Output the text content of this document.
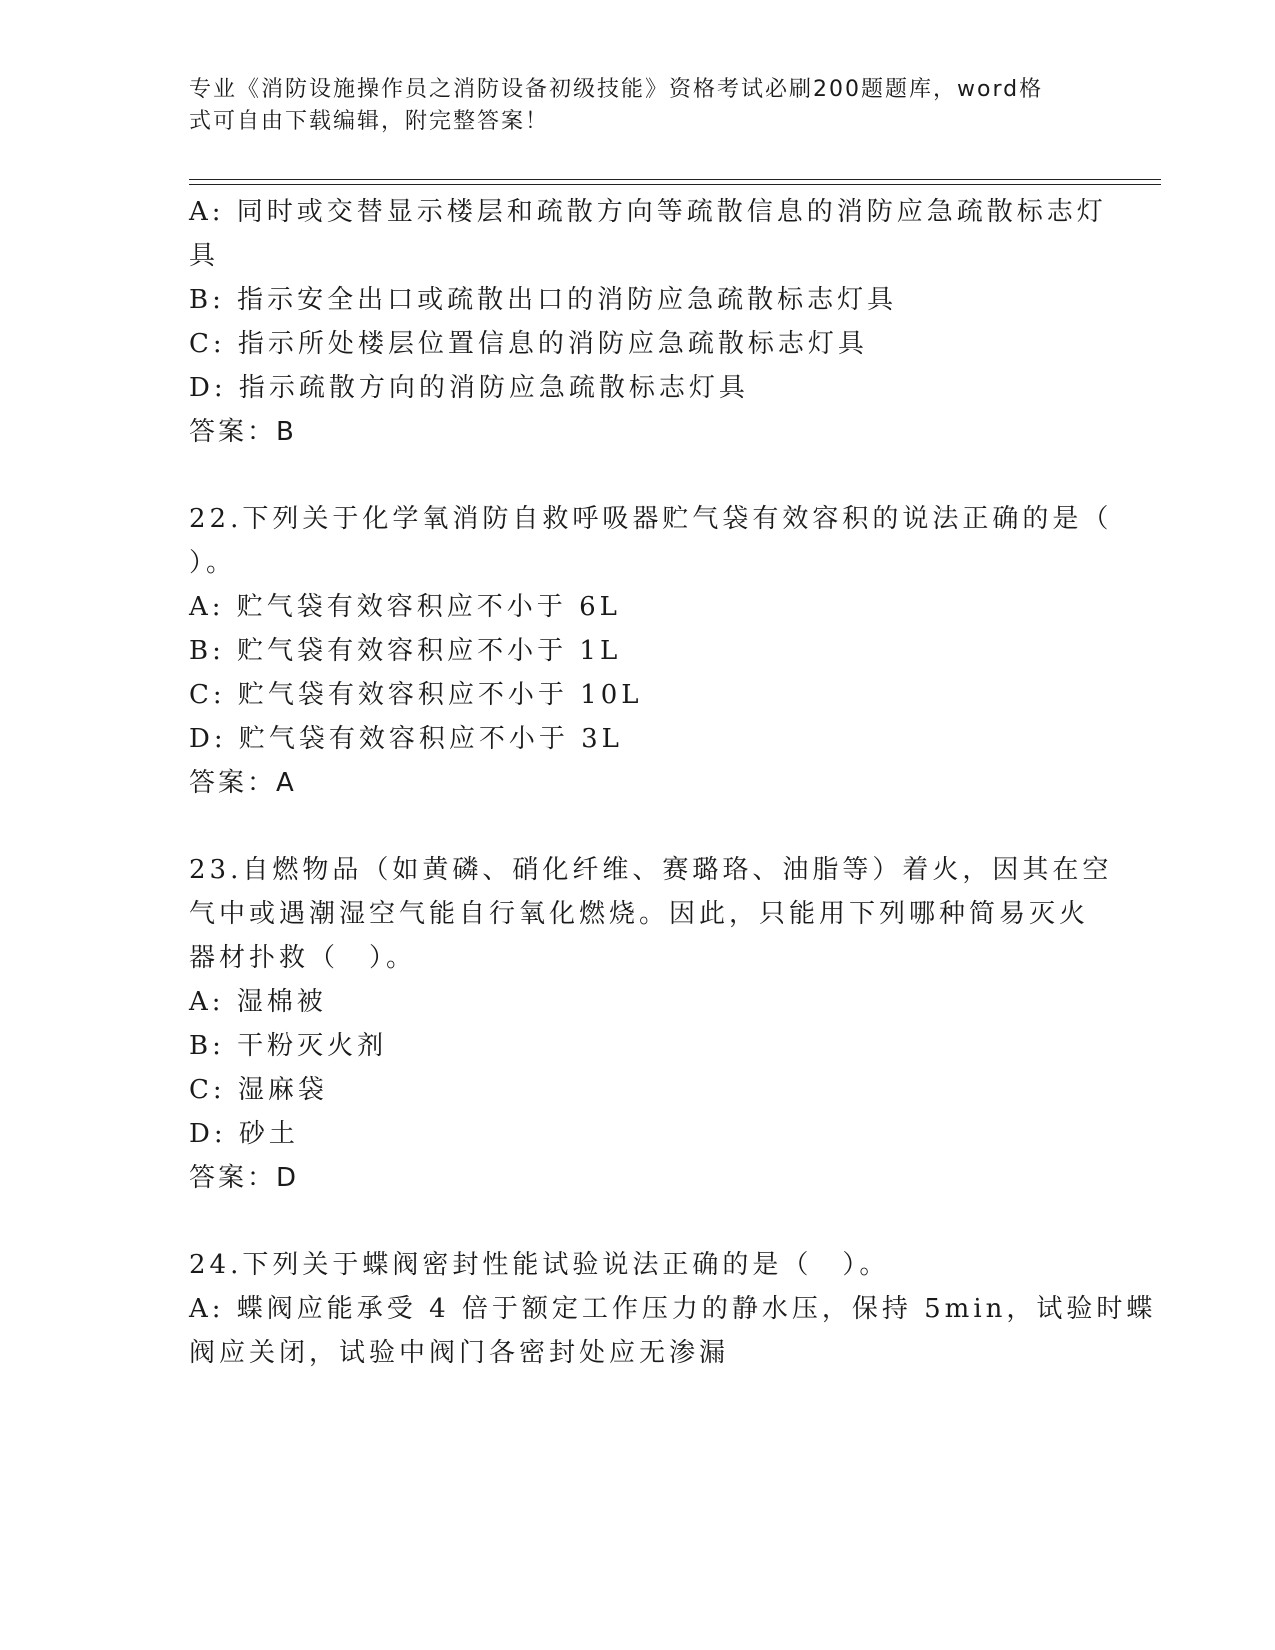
专业《消防设施操作员之消防设备初级技能》资格考试必刷200题题库，word格
式可自由下载编辑，附完整答案！
A: 同时或交替显示楼层和疏散方向等疏散信息的消防应急疏散标志灯
具
B: 指示安全出口或疏散出口的消防应急疏散标志灯具
C: 指示所处楼层位置信息的消防应急疏散标志灯具
D: 指示疏散方向的消防应急疏散标志灯具
答案：B
22.下列关于化学氧消防自救呼吸器贮气袋有效容积的说法正确的是（
）。
A: 贮气袋有效容积应不小于 6L
B: 贮气袋有效容积应不小于 1L
C: 贮气袋有效容积应不小于 10L
D: 贮气袋有效容积应不小于 3L
答案：A
23.自燃物品（如黄磷、硝化纤维、赛璐珞、油脂等）着火，因其在空
气中或遇潮湿空气能自行氧化燃烧。因此，只能用下列哪种简易灭火
器材扑救（　）。
A: 湿棉被
B: 干粉灭火剂
C: 湿麻袋
D: 砂土
答案：D
24.下列关于蝶阀密封性能试验说法正确的是（　）。
A: 蝶阀应能承受 4 倍于额定工作压力的静水压，保持 5min，试验时蝶
阀应关闭，试验中阀门各密封处应无渗漏
